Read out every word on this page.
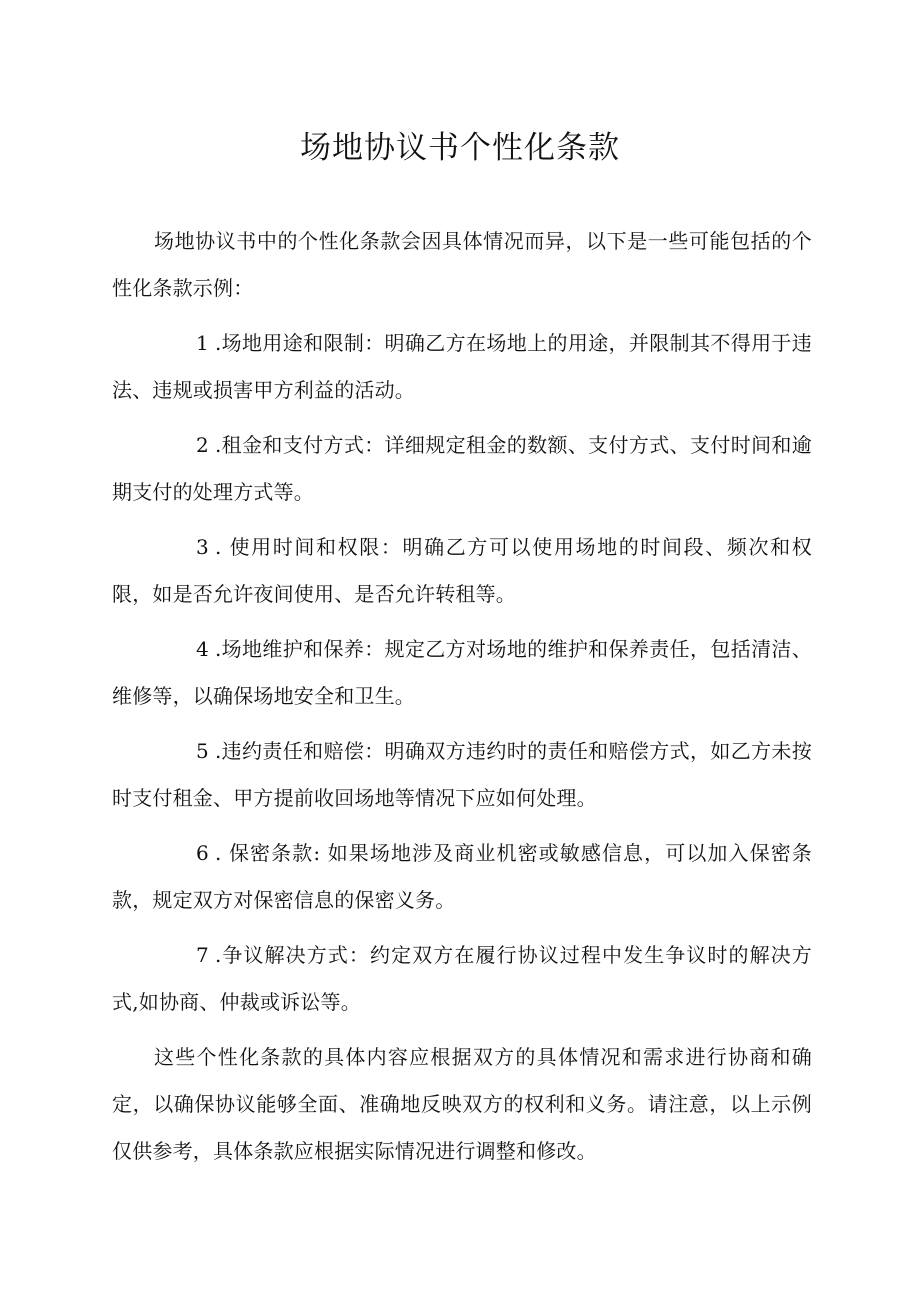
场地协议书个性化条款

场地协议书中的个性化条款会因具体情况而异，以下是一些可能包括的个性化条款示例：

1 .场地用途和限制：明确乙方在场地上的用途，并限制其不得用于违法、违规或损害甲方利益的活动。

2 .租金和支付方式：详细规定租金的数额、支付方式、支付时间和逾期支付的处理方式等。

3 . 使用时间和权限：明确乙方可以使用场地的时间段、频次和权限，如是否允许夜间使用、是否允许转租等。

4 .场地维护和保养：规定乙方对场地的维护和保养责任，包括清洁、维修等，以确保场地安全和卫生。

5 .违约责任和赔偿：明确双方违约时的责任和赔偿方式，如乙方未按时支付租金、甲方提前收回场地等情况下应如何处理。

6 . 保密条款: 如果场地涉及商业机密或敏感信息，可以加入保密条款，规定双方对保密信息的保密义务。

7 .争议解决方式：约定双方在履行协议过程中发生争议时的解决方式,如协商、仲裁或诉讼等。

这些个性化条款的具体内容应根据双方的具体情况和需求进行协商和确定，以确保协议能够全面、准确地反映双方的权利和义务。请注意，以上示例仅供参考，具体条款应根据实际情况进行调整和修改。
